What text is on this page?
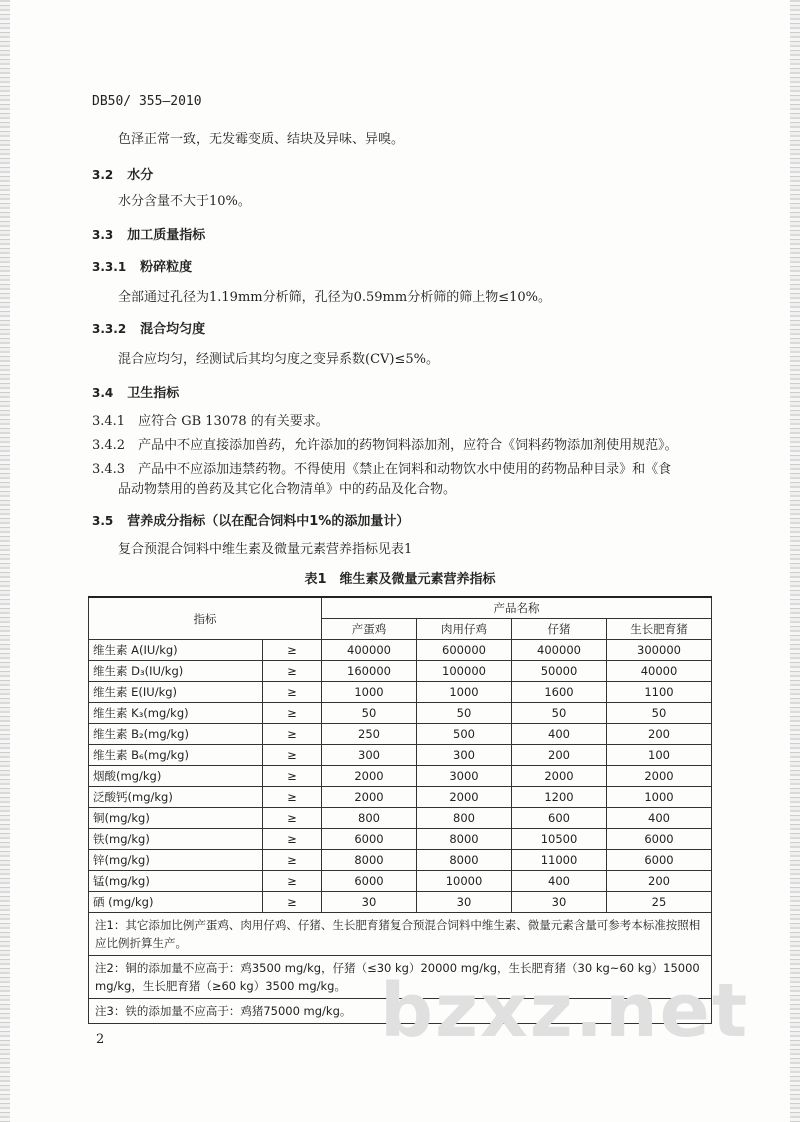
DB50/ 355—2010
色泽正常一致，无发霉变质、结块及异味、异嗅。
3.2 水分
水分含量不大于10%。
3.3 加工质量指标
3.3.1 粉碎粒度
全部通过孔径为1.19mm分析筛，孔径为0.59mm分析筛的筛上物≤10%。
3.3.2 混合均匀度
混合应均匀，经测试后其均匀度之变异系数(CV)≤5%。
3.4 卫生指标
3.4.1　应符合 GB 13078 的有关要求。
3.4.2　产品中不应直接添加兽药，允许添加的药物饲料添加剂，应符合《饲料药物添加剂使用规范》。
3.4.3　产品中不应添加违禁药物。不得使用《禁止在饲料和动物饮水中使用的药物品种目录》和《食
品动物禁用的兽药及其它化合物清单》中的药品及化合物。
3.5 营养成分指标（以在配合饲料中1%的添加量计）
复合预混合饲料中维生素及微量元素营养指标见表1
表1　维生素及微量元素营养指标
指标		产品名称			
		产蛋鸡	肉用仔鸡	仔猪	生长肥育猪
维生素 A(IU/kg)	≥	400000	600000	400000	300000
维生素 D₃(IU/kg)	≥	160000	100000	50000	40000
维生素 E(IU/kg)	≥	1000	1000	1600	1100
维生素 K₃(mg/kg)	≥	50	50	50	50
维生素 B₂(mg/kg)	≥	250	500	400	200
维生素 B₆(mg/kg)	≥	300	300	200	100
烟酸(mg/kg)	≥	2000	3000	2000	2000
泛酸钙(mg/kg)	≥	2000	2000	1200	1000
铜(mg/kg)	≥	800	800	600	400
铁(mg/kg)	≥	6000	8000	10500	6000
锌(mg/kg)	≥	8000	8000	11000	6000
锰(mg/kg)	≥	6000	10000	400	200
硒 (mg/kg)	≥	30	30	30	25
注1：其它添加比例产蛋鸡、肉用仔鸡、仔猪、生长肥育猪复合预混合饲料中维生素、微量元素含量可参考本标准按照相应比例折算生产。					
注2：铜的添加量不应高于：鸡3500 mg/kg，仔猪（≤30 kg）20000 mg/kg，生长肥育猪（30 kg~60 kg）15000 mg/kg，生长肥育猪（≥60 kg）3500 mg/kg。					
注3：铁的添加量不应高于：鸡猪75000 mg/kg。					
2	bzxz.net
